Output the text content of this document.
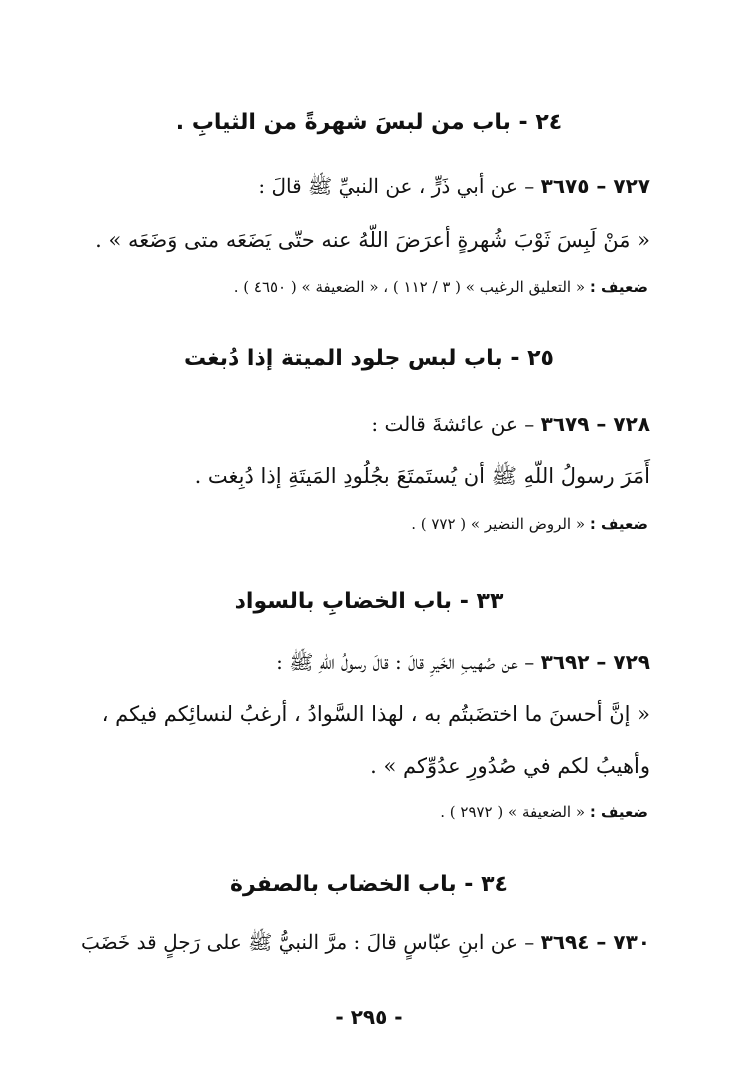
٢٤ - باب من لبسَ شهرةً من الثيابِ .
٧٢٧ – ٣٦٧٥ – عن أبي ذَرٍّ ، عن النبيِّ ﷺ قالَ :
« مَنْ لَبِسَ ثَوْبَ شُهرةٍ أعرَضَ اللّهُ عنه حتّى يَضَعَه متى وَضَعَه » .
ضعيف : « التعليق الرغيب » ( ٣ / ١١٢ ) ، « الضعيفة » ( ٤٦٥٠ ) .
٢٥ - باب لبس جلود الميتة إذا دُبغت
٧٢٨ – ٣٦٧٩ – عن عائشةَ قالت :
أَمَرَ رسولُ اللّهِ ﷺ أن يُستَمتَعَ بجُلُودِ المَيتَةِ إذا دُبِغت .
ضعيف : « الروض النضير » ( ٧٧٢ ) .
٣٣ - باب الخضابِ بالسواد
٧٢٩ – ٣٦٩٢ – عن صُهيبِ الخَيرِ قالَ : قالَ رسولُ اللّهِ ﷺ :
« إنَّ أحسنَ ما اختضَبتُم به ، لهذا السَّوادُ ، أرغبُ لنسائِكم فيكم ،
وأهيبُ لكم في صُدُورِ عدُوِّكم » .
ضعيف : « الضعيفة » ( ٢٩٧٢ ) .
٣٤ - باب الخضاب بالصفرة
٧٣٠ – ٣٦٩٤ – عن ابنِ عبّاسٍ قالَ : مرَّ النبيُّ ﷺ على رَجلٍ قد خَضَبَ
- ٢٩٥ -
